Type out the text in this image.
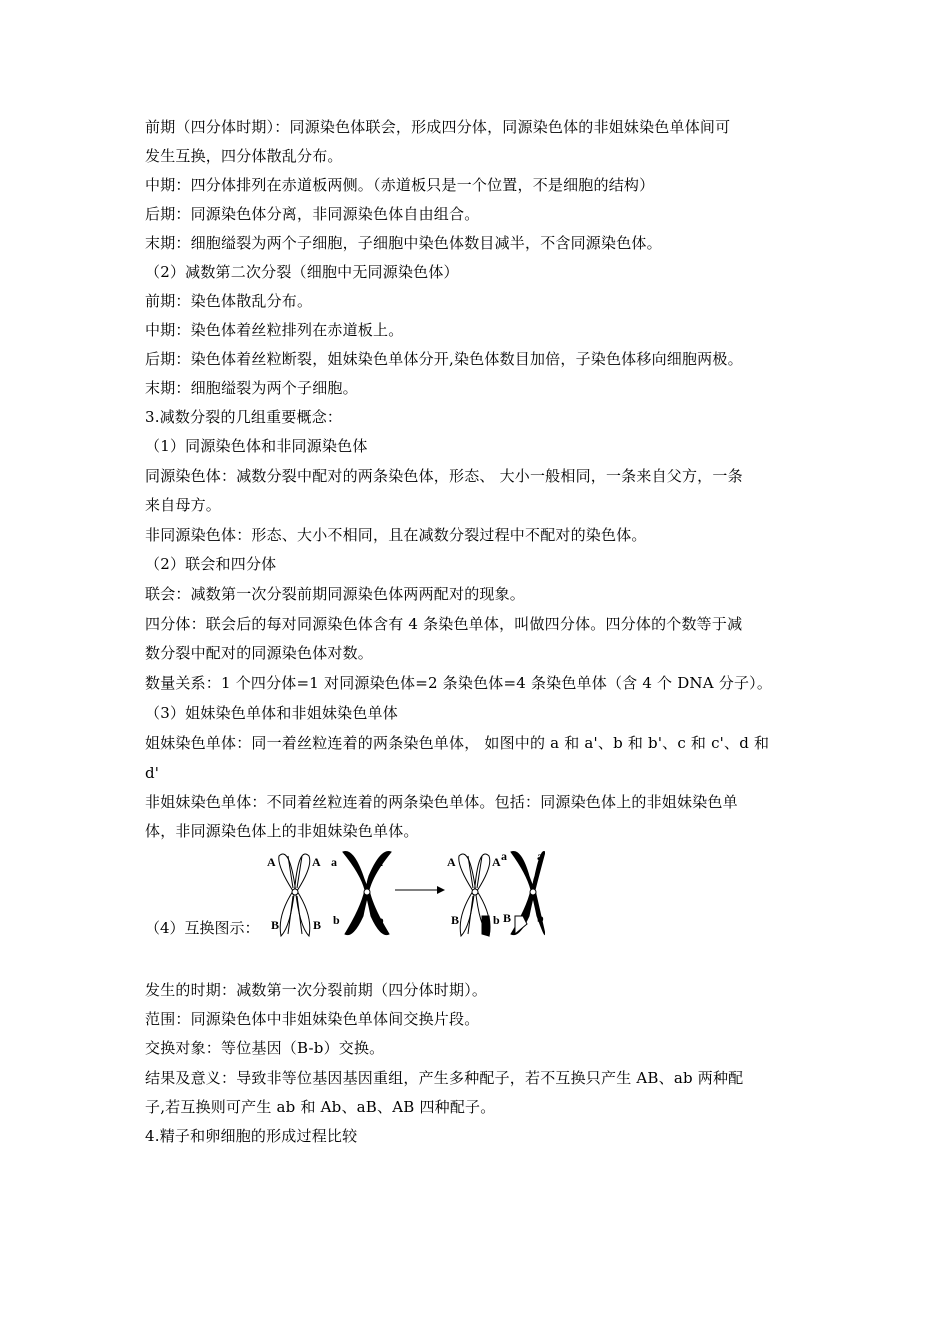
前期（四分体时期）：同源染色体联会，形成四分体，同源染色体的非姐妹染色单体间可
发生互换，四分体散乱分布。
中期：四分体排列在赤道板两侧。（赤道板只是一个位置，不是细胞的结构）
后期：同源染色体分离，非同源染色体自由组合。
末期：细胞缢裂为两个子细胞，子细胞中染色体数目减半，不含同源染色体。
（2）减数第二次分裂（细胞中无同源染色体）
前期：染色体散乱分布。
中期：染色体着丝粒排列在赤道板上。
后期：染色体着丝粒断裂，姐妹染色单体分开,染色体数目加倍，子染色体移向细胞两极。
末期：细胞缢裂为两个子细胞。
3.减数分裂的几组重要概念：
（1）同源染色体和非同源染色体
同源染色体：减数分裂中配对的两条染色体，形态、 大小一般相同，一条来自父方，一条
来自母方。
非同源染色体：形态、大小不相同，且在减数分裂过程中不配对的染色体。
（2）联会和四分体
联会：减数第一次分裂前期同源染色体两两配对的现象。
四分体：联会后的每对同源染色体含有 4 条染色单体，叫做四分体。四分体的个数等于减
数分裂中配对的同源染色体对数。
数量关系：1 个四分体=1 对同源染色体=2 条染色体=4 条染色单体（含 4 个 DNA 分子）。
（3）姐妹染色单体和非姐妹染色单体
姐妹染色单体：同一着丝粒连着的两条染色单体， 如图中的 a 和 a'、b 和 b'、c 和 c'、d 和
d'
非姐妹染色单体：不同着丝粒连着的两条染色单体。包括：同源染色体上的非姐妹染色单
体，非同源染色体上的非姐妹染色单体。
（4）互换图示：
A	A
B	B
a	a
b	b
A	A
B	b
a	a
B b
发生的时期：减数第一次分裂前期（四分体时期）。
范围：同源染色体中非姐妹染色单体间交换片段。
交换对象：等位基因（B-b）交换。
结果及意义：导致非等位基因基因重组，产生多种配子，若不互换只产生 AB、ab 两种配
子,若互换则可产生 ab 和 Ab、aB、AB 四种配子。
4.精子和卵细胞的形成过程比较
